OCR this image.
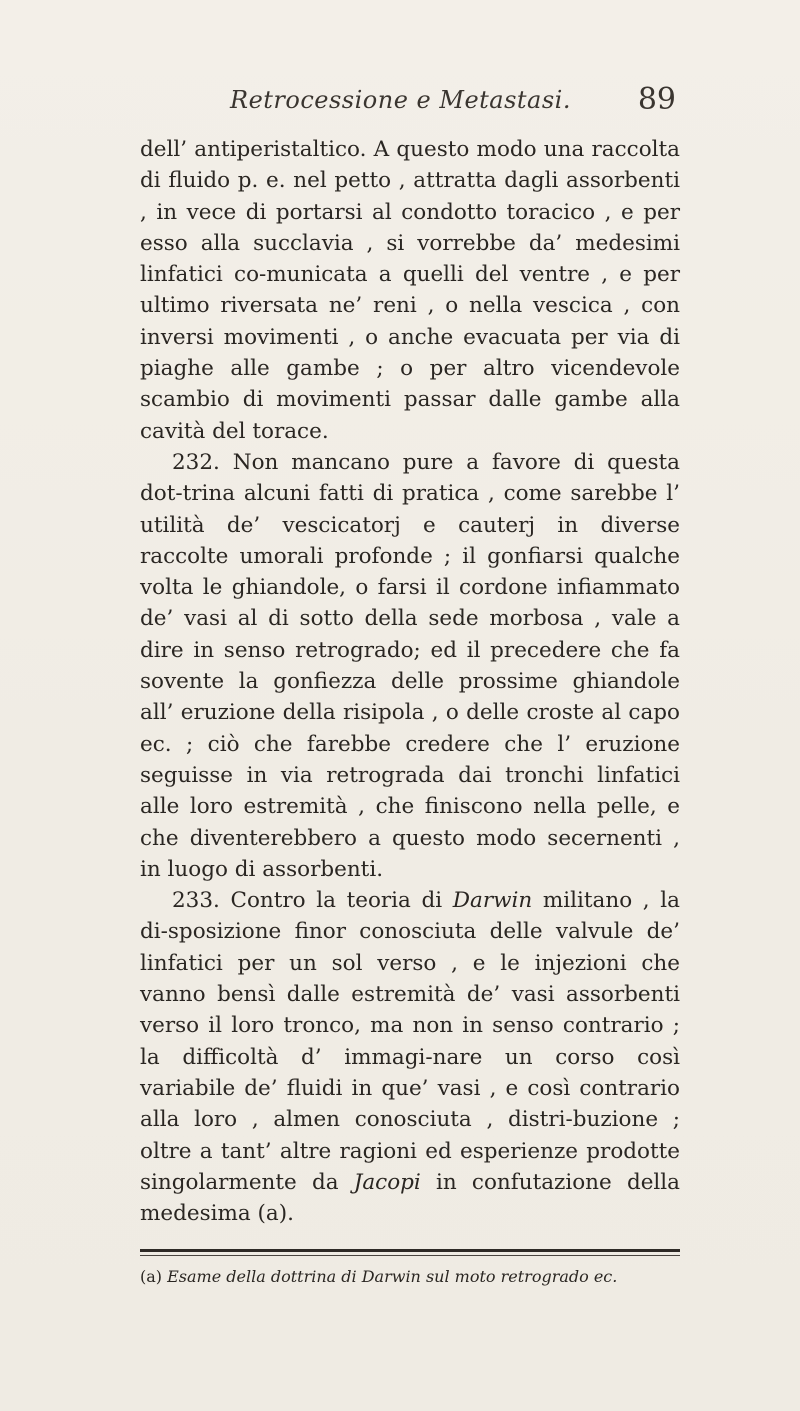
Retrocessione e Metastasi. 89

dell’ antiperistaltico. A questo modo una raccolta di fluido p. e. nel petto , attratta dagli assorbenti , in vece di portarsi al condotto toracico , e per esso alla succlavia , si vorrebbe da’ medesimi linfatici co-municata a quelli del ventre , e per ultimo riversata ne’ reni , o nella vescica , con inversi movimenti , o anche evacuata per via di piaghe alle gambe ; o per altro vicendevole scambio di movimenti passar dalle gambe alla cavità del torace.

232. Non mancano pure a favore di questa dot-trina alcuni fatti di pratica , come sarebbe l’ utilità de’ vescicatorj e cauterj in diverse raccolte umorali profonde ; il gonfiarsi qualche volta le ghiandole, o farsi il cordone infiammato de’ vasi al di sotto della sede morbosa , vale a dire in senso retrogrado; ed il precedere che fa sovente la gonfiezza delle prossime ghiandole all’ eruzione della risipola , o delle croste al capo ec. ; ciò che farebbe credere che l’ eruzione seguisse in via retrograda dai tronchi linfatici alle loro estremità , che finiscono nella pelle, e che diventerebbero a questo modo secernenti , in luogo di assorbenti.

233. Contro la teoria di Darwin militano , la di-sposizione finor conosciuta delle valvule de’ linfatici per un sol verso , e le injezioni che vanno bensì dalle estremità de’ vasi assorbenti verso il loro tronco, ma non in senso contrario ; la difficoltà d’ immagi-nare un corso così variabile de’ fluidi in que’ vasi , e così contrario alla loro , almen conosciuta , distri-buzione ; oltre a tant’ altre ragioni ed esperienze prodotte singolarmente da Jacopi in confutazione della medesima (a).

(a) Esame della dottrina di Darwin sul moto retrogrado ec.
